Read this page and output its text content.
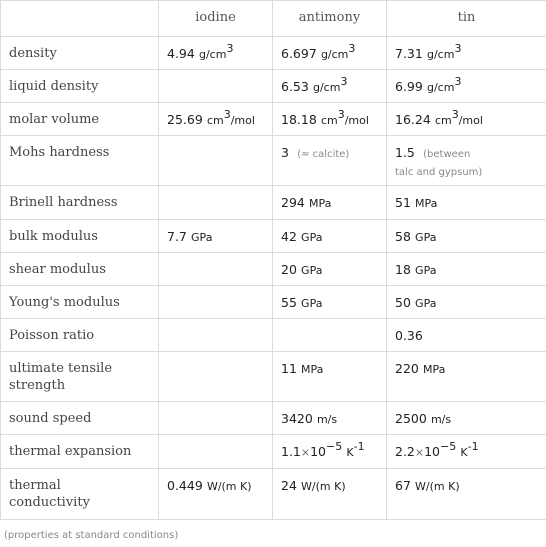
	iodine	antimony	tin
density	4.94 $g/cm^3$	6.697 $g/cm^3$	7.31 $g/cm^3$
liquid density		6.53 $g/cm^3$	6.99 $g/cm^3$
molar volume	25.69 $cm^3$/mol	18.18 $cm^3$/mol	16.24 $cm^3$/mol
Mohs hardness		3 (≈ calcite)	1.5 (between
talc and gypsum)
Brinell hardness		294 MPa	51 MPa
bulk modulus	7.7 GPa	42 GPa	58 GPa
shear modulus		20 GPa	18 GPa
Young's modulus		55 GPa	50 GPa
Poisson ratio			0.36
ultimate tensile
strength		11 MPa	220 MPa
sound speed		3420 m/s	2500 m/s
thermal expansion		$1.1\times 10^{-5}$ $K^{-1}$	$2.2\times 10^{-5}$ $K^{-1}$
thermal
conductivity	0.449 W/(m K)	24 W/(m K)	67 W/(m K)
(properties at standard conditions)
